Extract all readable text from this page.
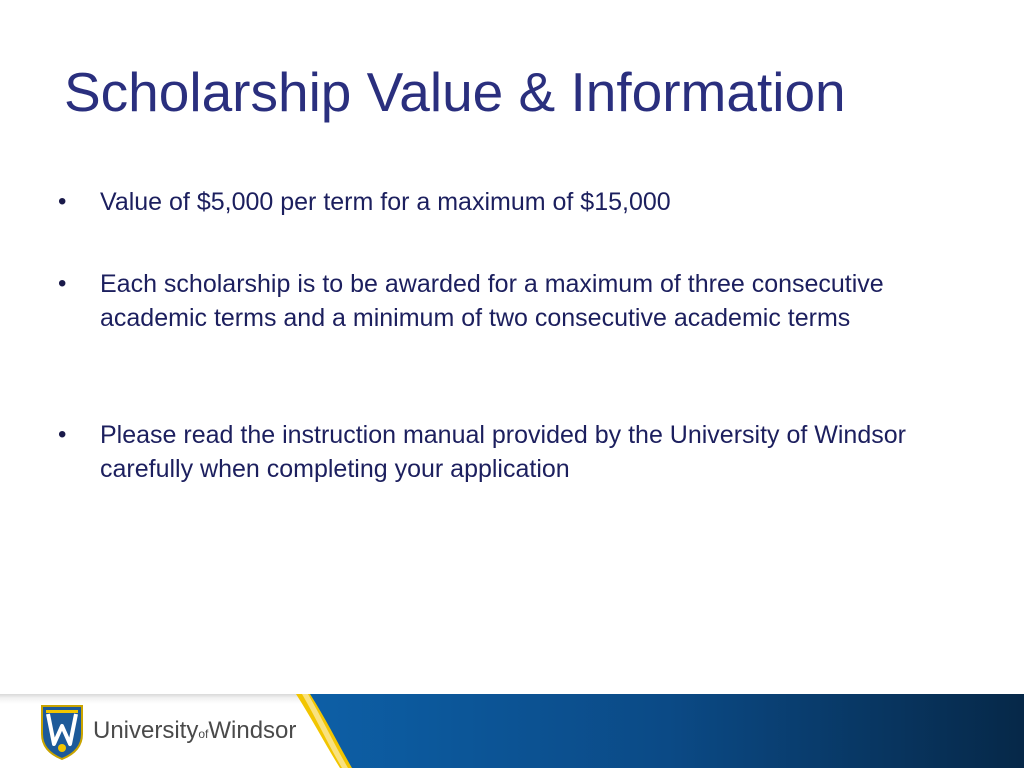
Scholarship Value & Information
• Value of $5,000 per term for a maximum of $15,000
• Each scholarship is to be awarded for a maximum of three consecutive academic terms and a minimum of two consecutive academic terms
• Please read the instruction manual provided by the University of Windsor carefully when completing your application
UniversityofWindsor
